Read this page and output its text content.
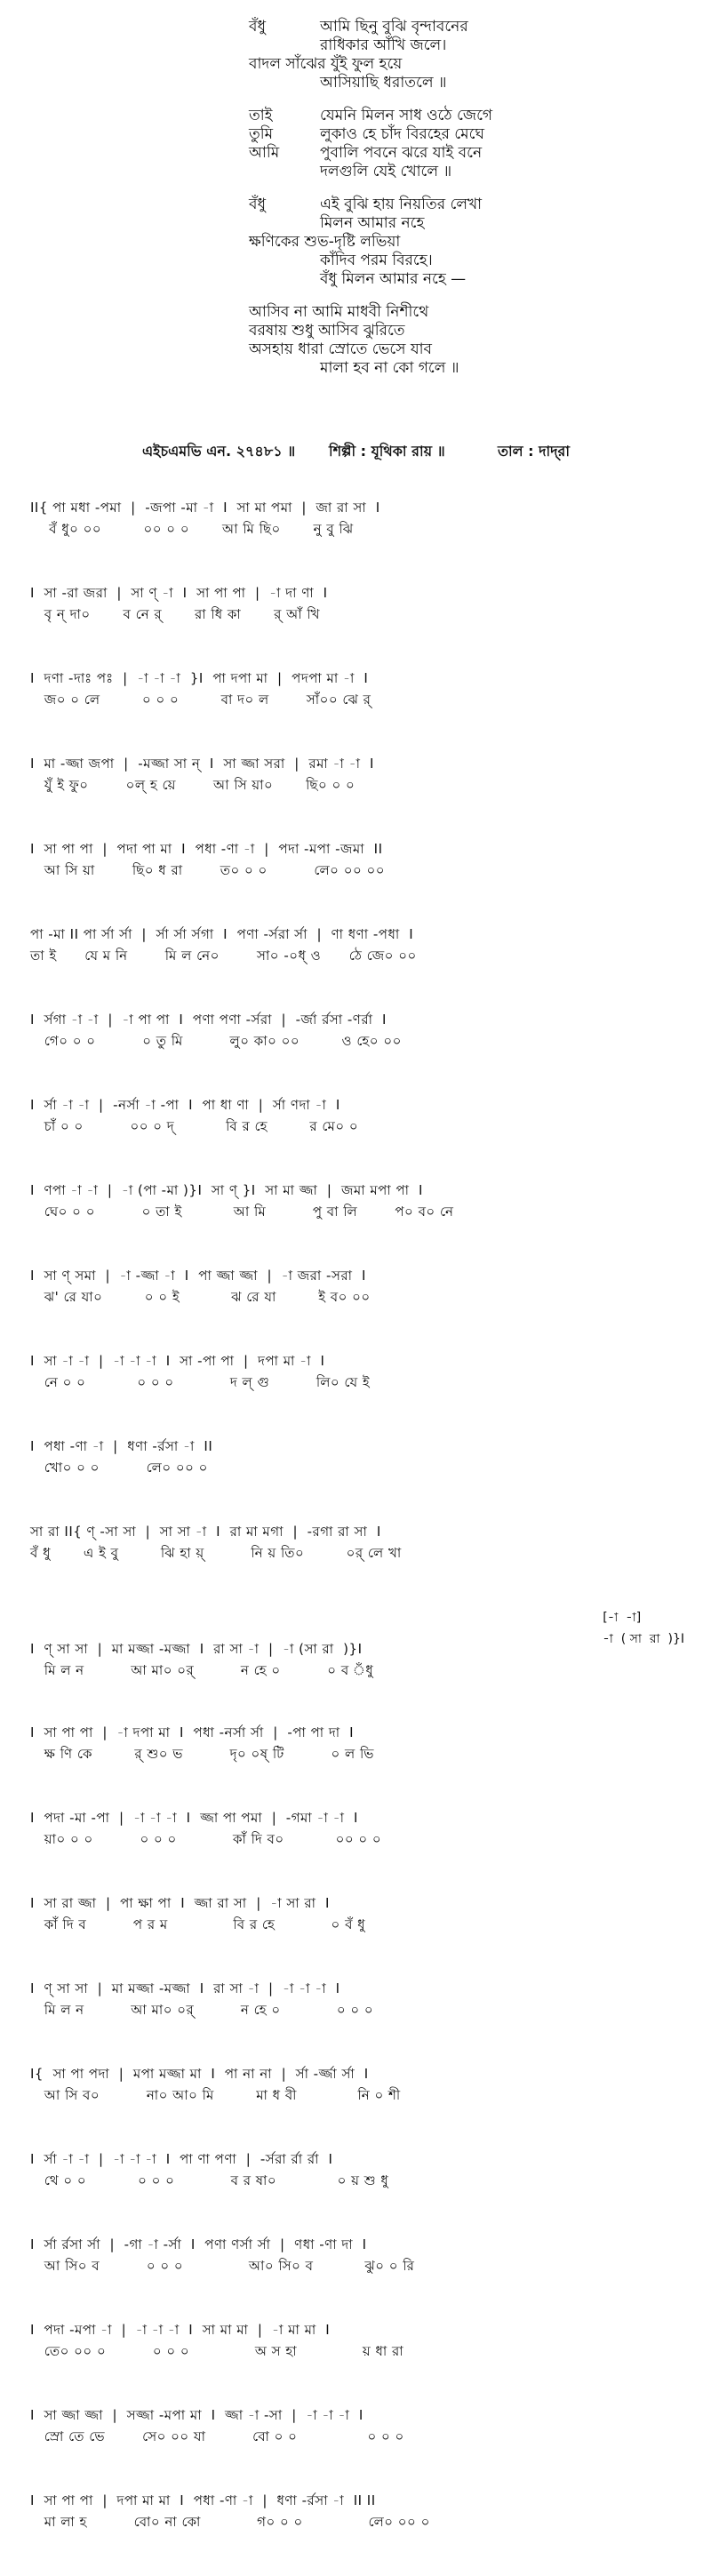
বঁধু	আমি ছিনু বুঝি বৃন্দাবনের
রাধিকার আঁখি জলে।
বাদল সাঁঝের যুঁই ফুল হয়ে
আসিয়াছি ধরাতলে ॥
তাই	যেমনি মিলন সাধ ওঠে জেগে
তুমি	লুকাও হে চাঁদ বিরহের মেঘে
আমি	পুবালি পবনে ঝরে যাই বনে
দলগুলি যেই খোলে ॥
বঁধু	এই বুঝি হায় নিয়তির লেখা
মিলন আমার নহে
ক্ষণিকের শুভ-দৃষ্টি লভিয়া
কাঁদিব পরম বিরহে।
বঁধু মিলন আমার নহে —
আসিব না আমি মাধবী নিশীথে
বরষায় শুধু আসিব ঝুরিতে
অসহায় ধারা স্রোতে ভেসে যাব
মালা হব না কো গলে ॥
এইচএমভি এন. ২৭৪৮১ ॥ শিল্পী : যূথিকা রায় ॥	তাল : দাদ্‌রা
II{ পা মধা -পমা  |  -জপা -মা -া  I  সা মা পমা  |  জা রা সা  I
বঁ ধু০ ০০         ০০ ০ ০       আ মি ছি০       নু বু ঝি
I  সা -রা জরা  |  সা ণ্ -া  I  সা পা পা  |  -া দা ণা  I
বৃ ন্ দা০       ব নে র্       রা ধি কা       র্ আঁ খি
I  দণা -দাঃ পঃ  |  -া -া -া  }I  পা দপা মা  |  পদপা মা -া  I
জ০ ০ লে         ০ ০ ০         বা দ০ ল        সাঁ০০ ঝে র্
I  মা -জ্জা জপা  |  -মজ্জা সা ন্  I  সা জ্জা সরা  |  রমা -া -া  I
যুঁ ই ফু০        ০ল্ হ য়ে        আ সি য়া০       ছি০ ০ ০
I  সা পা পা  |  পদা পা মা  I  পধা -ণা -া  |  পদা -মপা -জমা  II
আ সি য়া        ছি০ ধ রা        ত০ ০ ০          লে০ ০০ ০০
পা -মা II পা র্সা র্সা  |  র্সা র্সা র্সগা  I  পণা -র্সরা র্সা  |  ণা ধণা -পধা  I
তা ই      যে ম নি        মি ল নে০        সা০ -০ধ্ ও      ঠে জে০ ০০
I  র্সগা -া -া  |  -া পা পা  I  পণা পণা -র্সরা  |  -র্জা র্রসা -ণর্রা  I
গে০ ০ ০          ০ তু মি          লু০ কা০ ০০         ও হে০ ০০
I  র্সা -া -া  |  -নর্সা -া -পা  I  পা ধা ণা  |  র্সা ণদা -া  I
চাঁ ০ ০          ০০ ০ দ্           বি র হে         র মে০ ০
I  ণপা -া -া  |  -া (পা -মা )}I  সা ণ্ }I  সা মা জ্জা  |  জমা মপা পা  I
ঘে০ ০ ০          ০ তা ই           আ মি          পু বা লি        প০ ব০ নে
I  সা ণ্ সমা  |  -া -জ্জা -া  I  পা জ্জা জ্জা  |  -া জরা -সরা  I
ঝ' রে যা০         ০ ০ ই           ঝ রে যা         ই ব০ ০০
I  সা -া -া  |  -া -া -া  I  সা -পা পা  |  দপা মা -া  I
নে ০ ০           ০ ০ ০            দ ল্ গু          লি০ যে ই
I  পধা -ণা -া  |  ধণা -র্রসা -া  II
খো০ ০ ০          লে০ ০০ ০
সা রা II{ ণ্ -সা সা  |  সা সা -া  I  রা মা মগা  |  -রগা রা সা  I
বঁ ধু       এ ই বু         ঝি হা য়্          নি য় তি০         ০র্ লে খা
[-া  -া]
-া  ( সা  রা  )}I
I  ণ্ সা সা  |  মা মজ্জা -মজ্জা  I  রা সা -া  |  -া (সা রা  )}I
মি ল ন          আ মা০ ০র্          ন হে ০          ০ ব ঁধু
I  সা পা পা  |  -া দপা মা  I  পধা -নর্সা র্সা  |  -পা পা দা  I
ক্ষ ণি কে         র্ শু০ ভ          দৃ০ ০ষ্ টি          ০ ল ভি
I  পদা -মা -পা  |  -া -া -া  I  জ্জা পা পমা  |  -গমা -া -া  I
য়া০ ০ ০          ০ ০ ০            কাঁ দি ব০           ০০ ০ ০
I  সা রা জ্জা  |  পা ক্ষা পা  I  জ্জা রা সা  |  -া সা রা  I
কাঁ দি ব          প র ম              বি র হে            ০ বঁ ধু
I  ণ্ সা সা  |  মা মজ্জা -মজ্জা  I  রা সা -া  |  -া -া -া  I
মি ল ন          আ মা০ ০র্          ন হে ০            ০ ০ ০
I{  সা পা পদা  |  মপা মজ্জা মা  I  পা না না  |  র্সা -র্জ্জা র্সা  I
আ সি ব০          না০ আ০ মি         মা ধ বী             নি ০ শী
I  র্সা -া -া  |  -া -া -া  I  পা ণা পণা  |  -র্সরা র্রা র্রা  I
থে ০ ০           ০ ০ ০            ব র ষা০             ০ য় শু ধু
I  র্সা র্রসা র্সা  |  -গা -া -র্সা  I  পণা ণর্সা র্সা  |  ণধা -ণা দা  I
আ সি০ ব          ০ ০ ০              আ০ সি০ ব           ঝু০ ০ রি
I  পদা -মপা -া  |  -া -া -া  I  সা মা মা  |  -া মা মা  I
তে০ ০০ ০          ০ ০ ০              অ স হা              য় ধা রা
I  সা জ্জা জ্জা  |  সজ্জা -মপা মা  I  জ্জা -া -সা  |  -া -া -া  I
স্রো তে ভে        সে০ ০০ যা          বো ০ ০               ০ ০ ০
I  সা পা পা  |  দপা মা মা  I  পধা -ণা -া  |  ধণা -র্রসা -া  II II
মা লা হ          বো০ না কো            গ০ ০ ০              লে০ ০০ ০
